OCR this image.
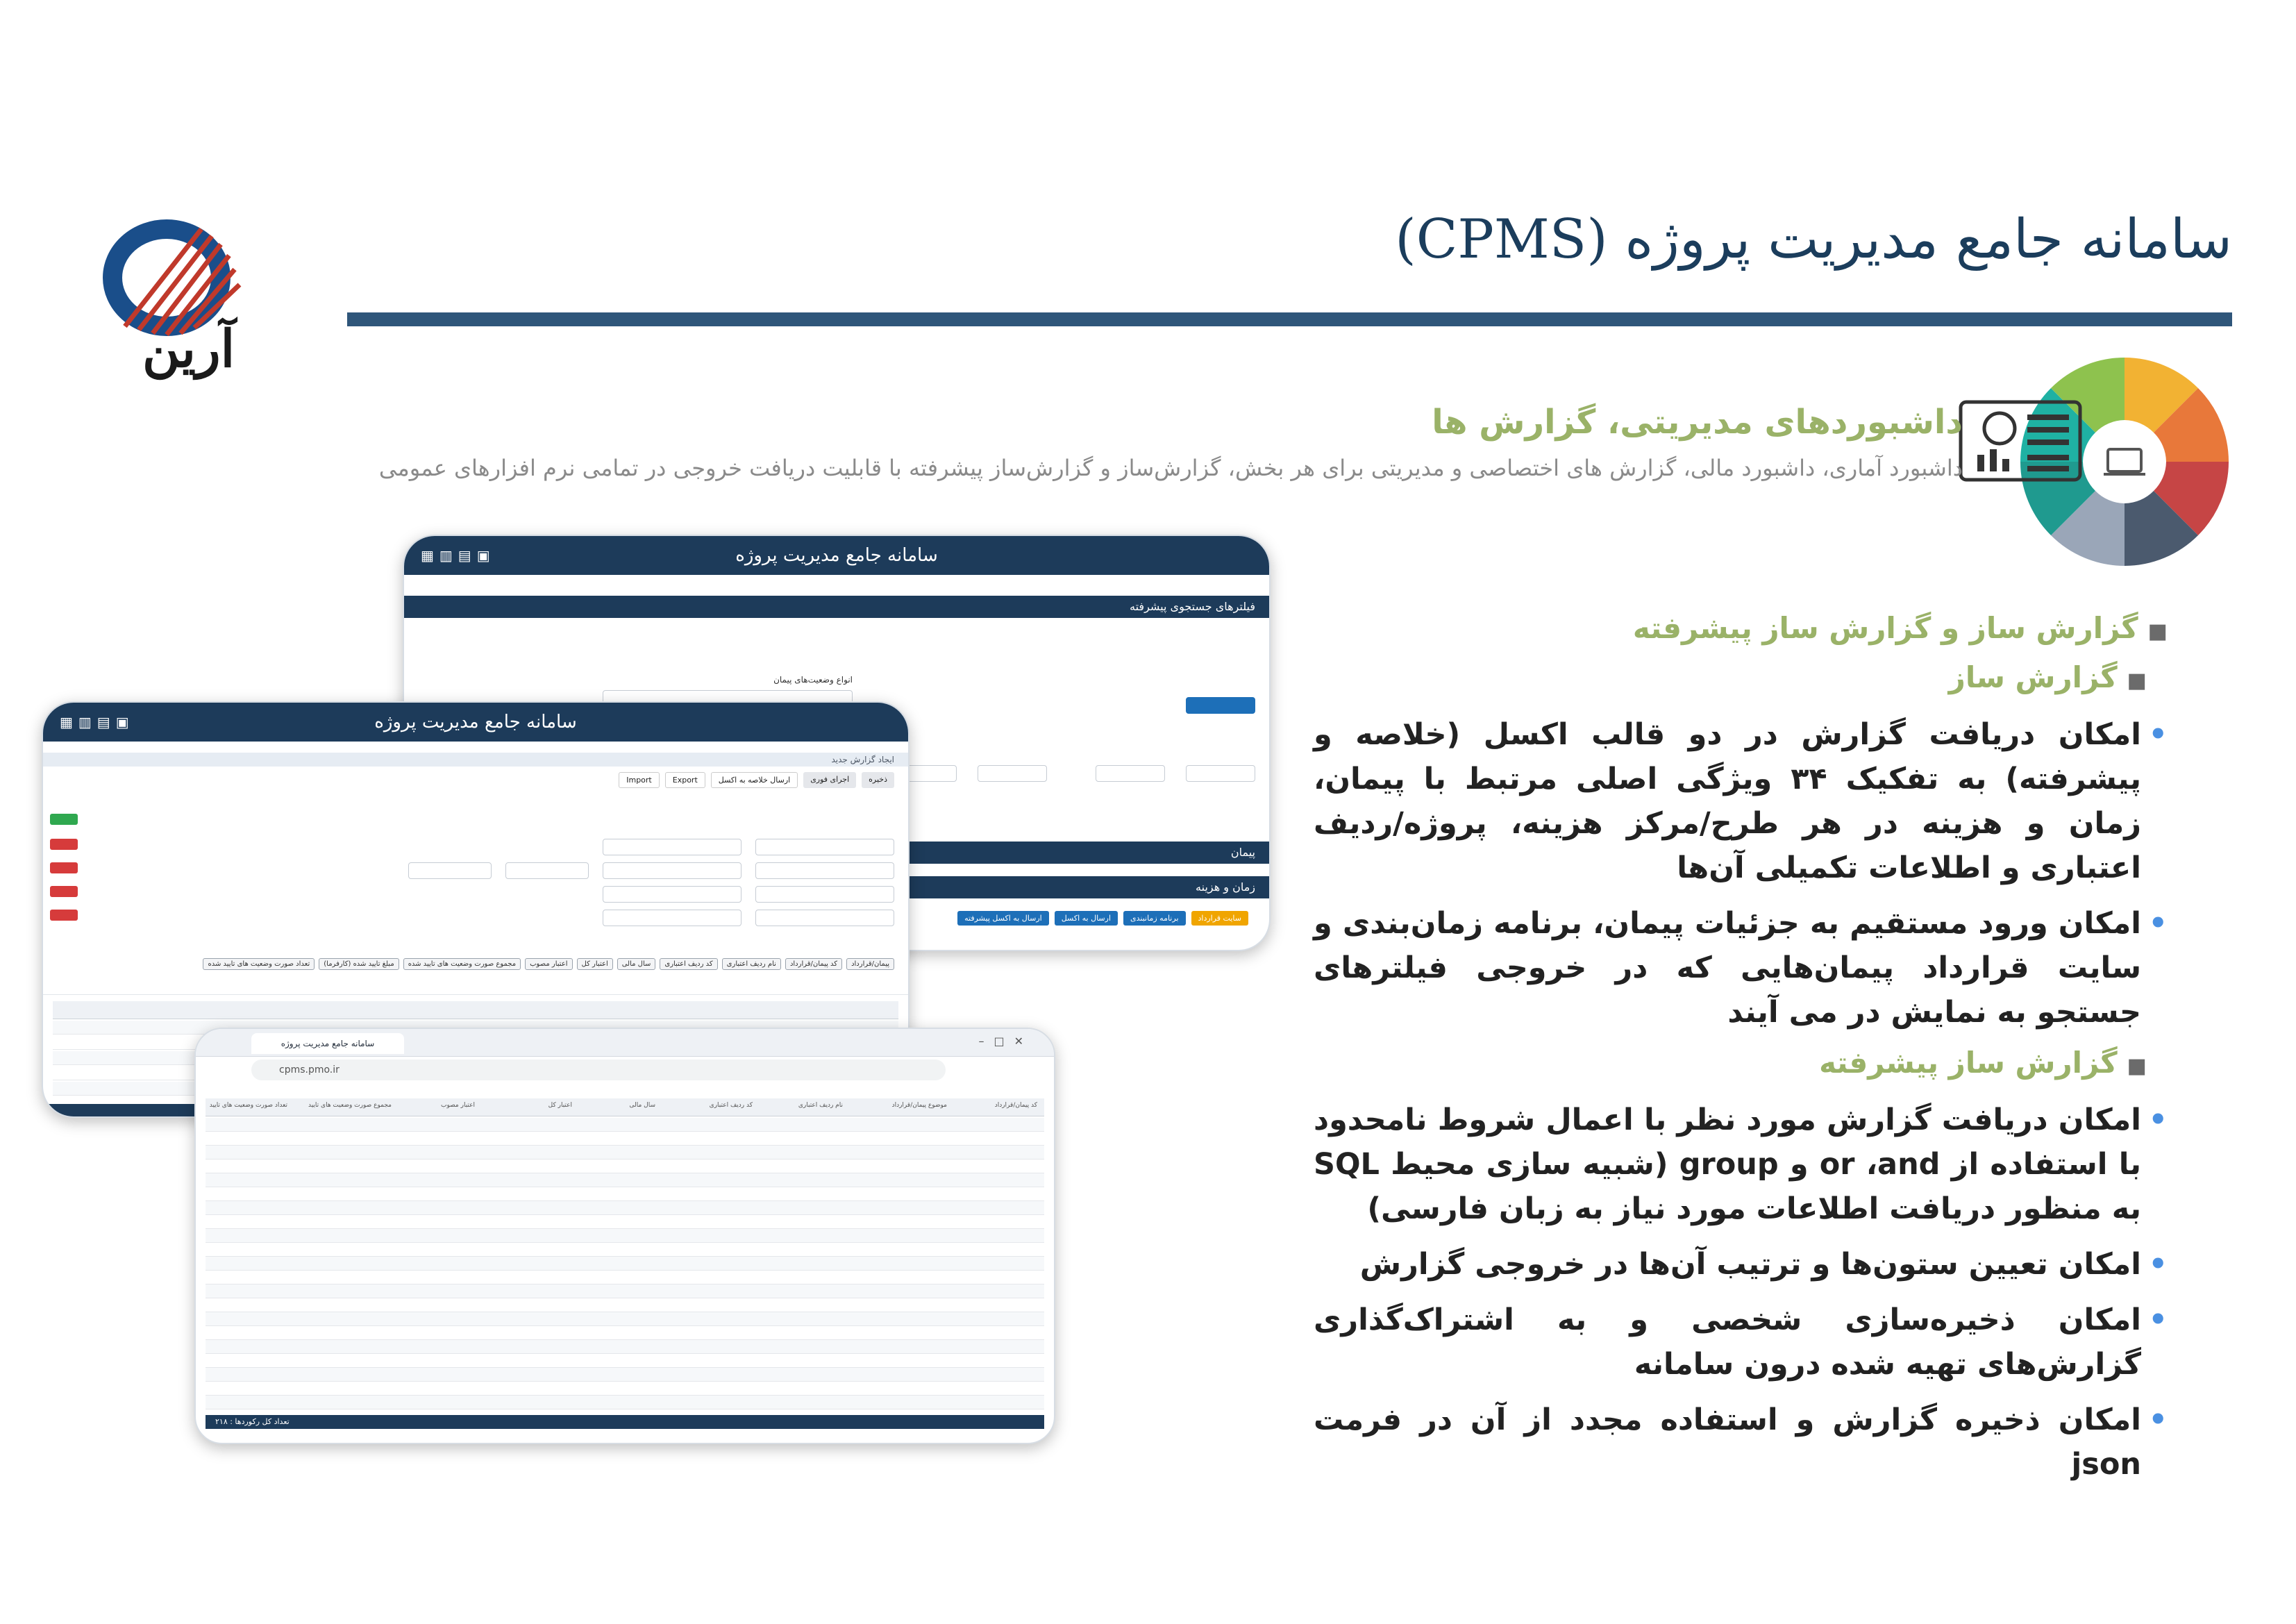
آرین
سامانه جامع مدیریت پروژه (CPMS)
داشبوردهای مدیریتی، گزارش ها
داشبورد آماری، داشبورد مالی، گزارش های اختصاصی و مدیریتی برای هر بخش، گزارش‌ساز و گزارش‌ساز پیشرفته با قابلیت دریافت خروجی در تمامی نرم افزارهای عمومی
■گزارش ساز و گزارش ساز پیشرفته
■گزارش ساز
•
امکان دریافت گزارش در دو قالب اکسل (خلاصه و پیشرفته) به تفکیک ۳۴ ویژگی اصلی مرتبط با پیمان، زمان و هزینه در هر طرح/مرکز هزینه، پروژه/ردیف اعتباری و اطلاعات تکمیلی آن‌ها
•
امکان ورود مستقیم به جزئیات پیمان، برنامه زمان‌بندی و سایت قرارداد پیمان‌هایی که در خروجی فیلترهای جستجو به نمایش در می آیند
■گزارش ساز پیشرفته
•
امکان دریافت گزارش مورد نظر با اعمال شروط نامحدود با استفاده از or ،and و group (شبیه سازی محیط SQL به منظور دریافت اطلاعات مورد نیاز به زبان فارسی)
•
امکان تعیین ستون‌ها و ترتیب آن‌ها در خروجی گزارش
•
امکان ذخیره‌سازی شخصی و به اشتراک‌گذاری گزارش‌های تهیه شده درون سامانه
•
امکان ذخیره گزارش و استفاده مجدد از آن در فرمت json
سامانه جامع مدیریت پروژه
▣▤▥▦
فیلترهای جستجوی پیشرفته
انواع وضعیت‌های پیمان
پیمان
زمان و هزینه
سایت قرارداد
برنامه زمانبندی
ارسال به اکسل
ارسال به اکسل پیشرفته
سامانه جامع مدیریت پروژه
▣▤▥▦
ایجاد گزارش جدید
ذخیره
اجرای فوری
ارسال خلاصه به اکسل
Export
Import
پیمان/قرارداد
کد پیمان/قرارداد
نام ردیف اعتباری
کد ردیف اعتباری
سال مالی
اعتبار کل
اعتبار مصوب
مجموع صورت وضعیت های تایید شده
مبلغ تایید شده (کارفرما)
تعداد صورت وضعیت های تایید شده
سامانه جامع مدیریت پروژه	–□✕
cpms.pmo.ir
کد پیمان/قرارداد
موضوع پیمان/قرارداد
نام ردیف اعتباری
کد ردیف اعتباری
سال مالی
اعتبار کل
اعتبار مصوب
مجموع صورت وضعیت های تایید
تعداد صورت وضعیت های تایید
تعداد کل رکوردها : ۲۱۸
